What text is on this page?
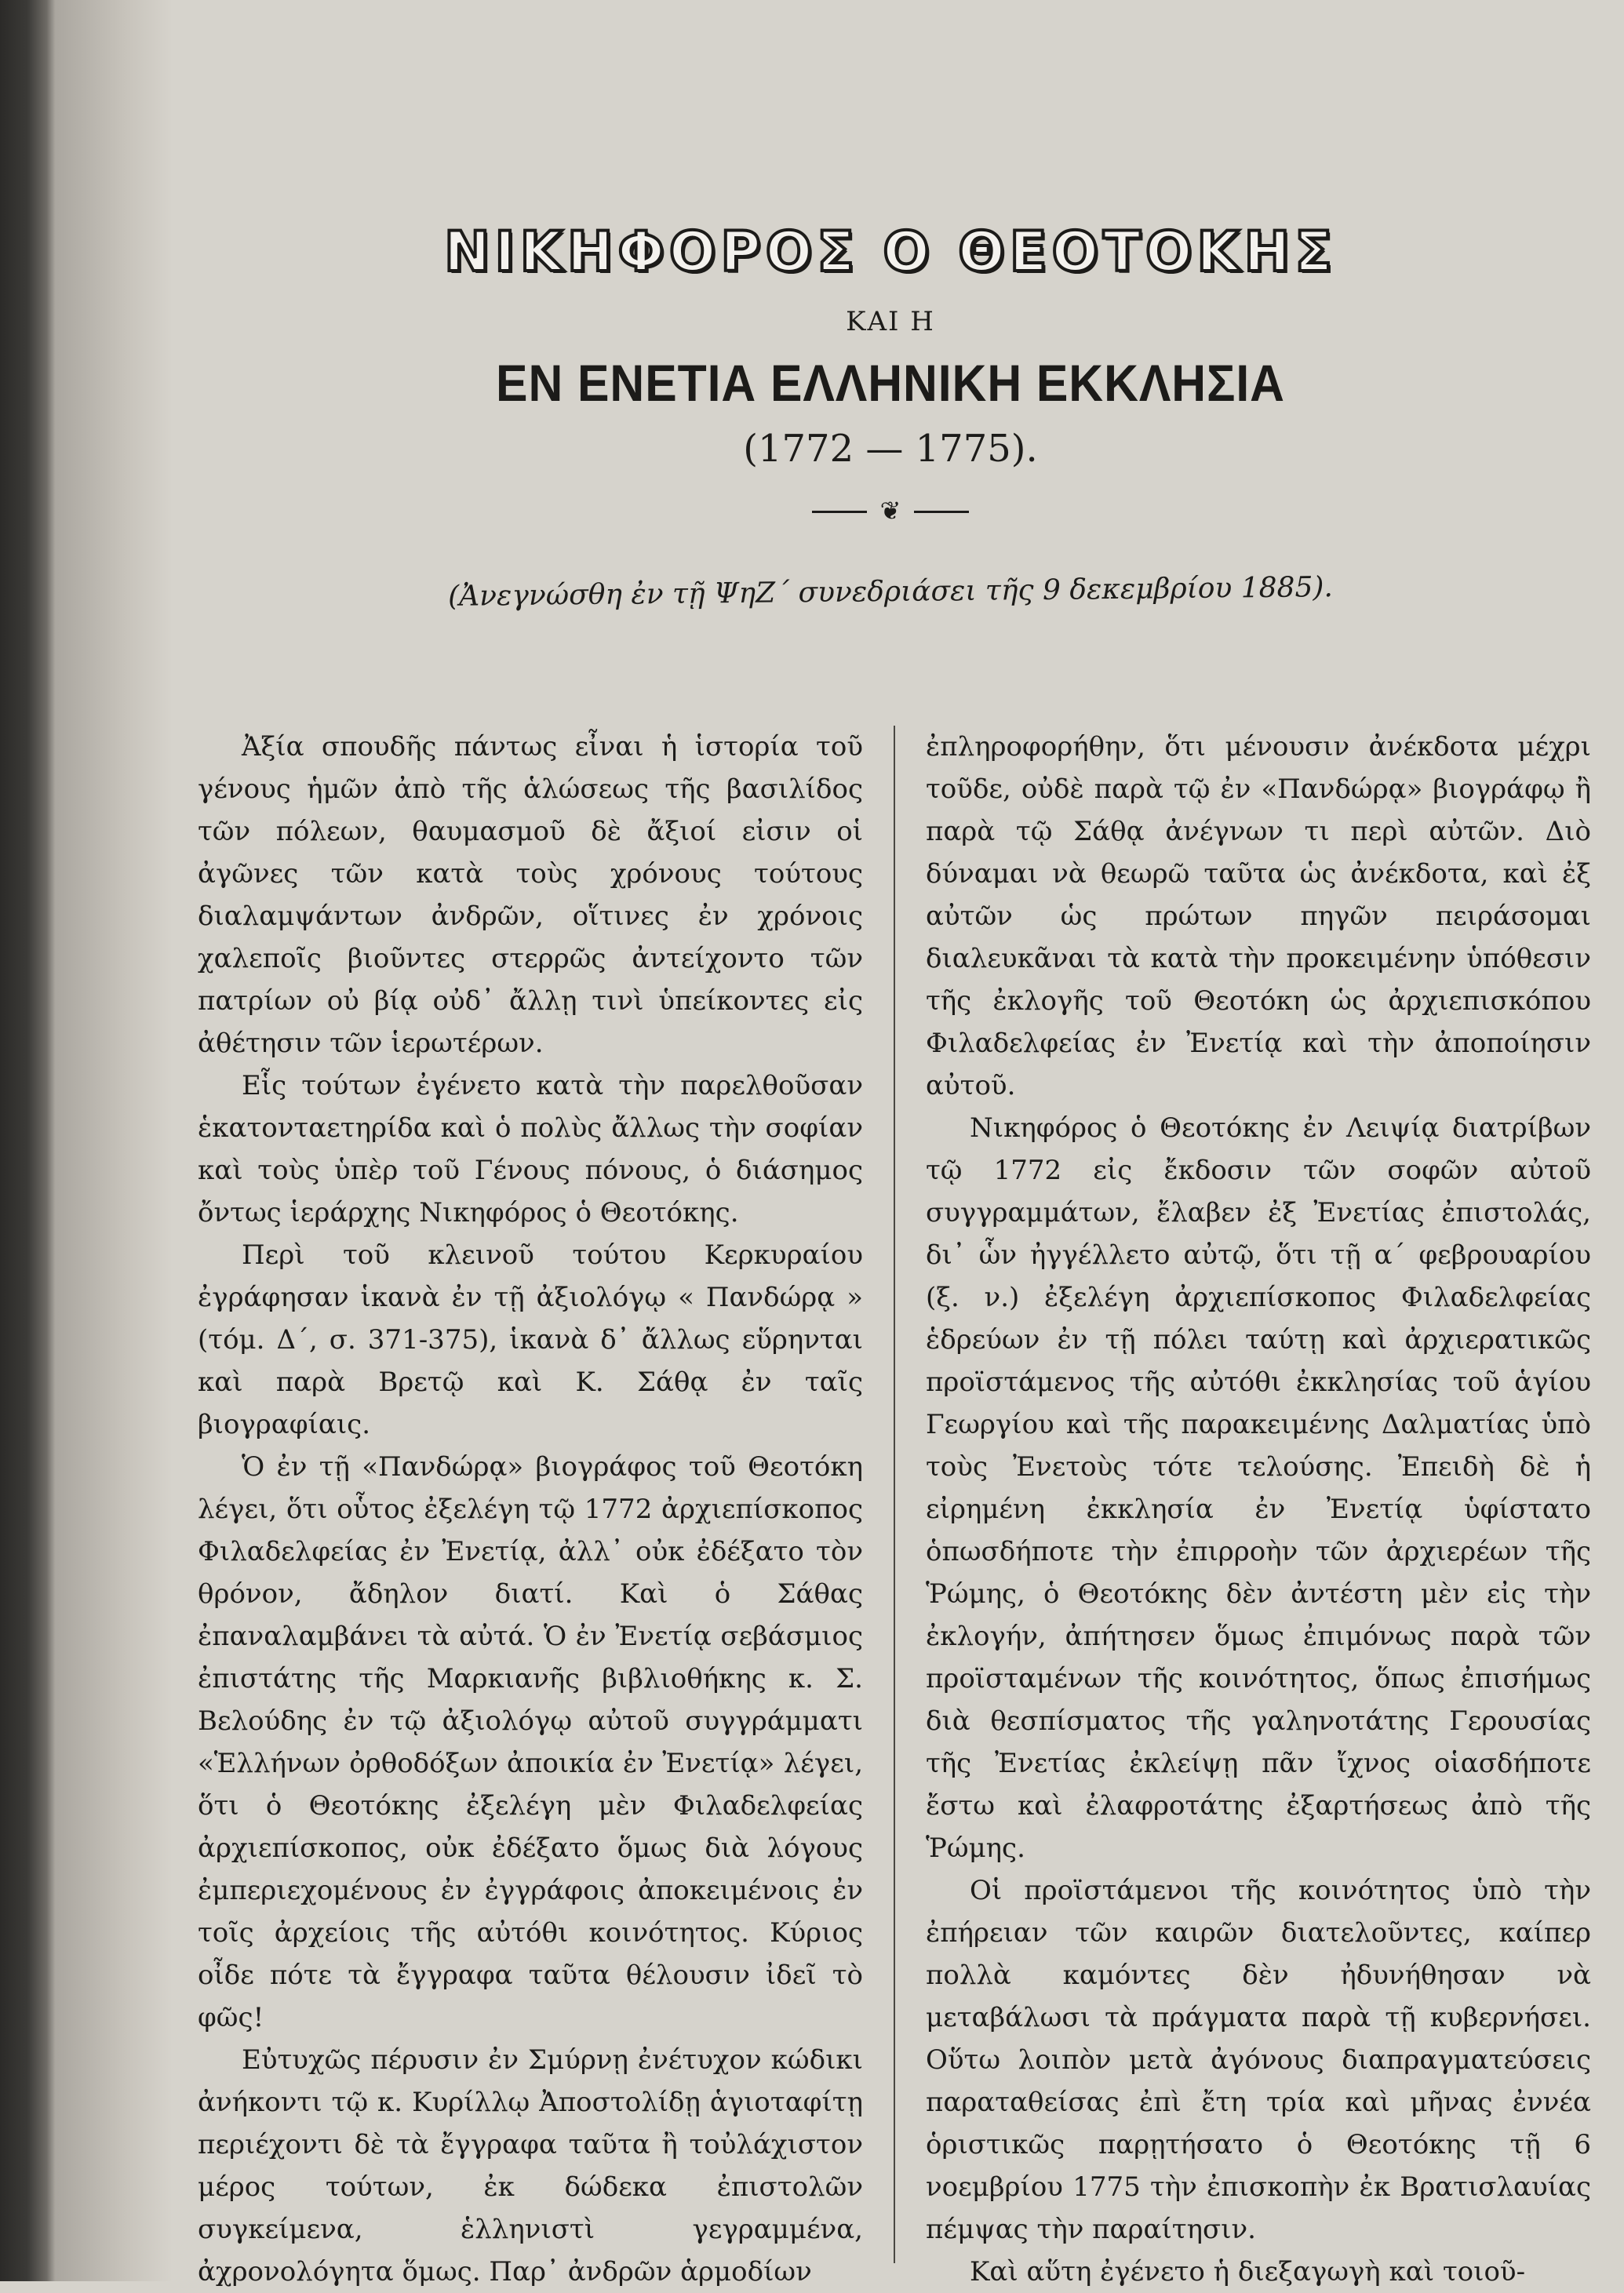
ΝΙΚΗΦΟΡΟΣ Ο ΘΕΟΤΟΚΗΣ
ΚΑΙ Η
ΕΝ ΕΝΕΤΙΑ ΕΛΛΗΝΙΚΗ ΕΚΚΛΗΣΙΑ
(1772 — 1775).
❦
(Ἀνεγνώσθη ἐν τῇ ΨηΖ´ συνεδριάσει τῆς 9 δεκεμβρίου 1885).

Ἀξία σπουδῆς πάντως εἶναι ἡ ἱστορία τοῦ γένους ἡμῶν ἀπὸ τῆς ἁλώσεως τῆς βασιλίδος τῶν πόλεων, θαυμασμοῦ δὲ ἄξιοί εἰσιν οἱ ἀγῶνες τῶν κατὰ τοὺς χρόνους τούτους διαλαμψάντων ἀνδρῶν, οἵτινες ἐν χρόνοις χαλεποῖς βιοῦντες στερρῶς ἀντείχοντο τῶν πατρίων οὐ βίᾳ οὐδ᾽ ἄλλῃ τινὶ ὑπείκοντες εἰς ἀθέτησιν τῶν ἱερωτέρων.

Εἷς τούτων ἐγένετο κατὰ τὴν παρελθοῦσαν ἑκατονταετηρίδα καὶ ὁ πολὺς ἄλλως τὴν σοφίαν καὶ τοὺς ὑπὲρ τοῦ Γένους πόνους, ὁ διάσημος ὄντως ἱεράρχης Νικηφόρος ὁ Θεοτόκης.

Περὶ τοῦ κλεινοῦ τούτου Κερκυραίου ἐγράφησαν ἱκανὰ ἐν τῇ ἀξιολόγῳ « Πανδώρᾳ » (τόμ. Δ´, σ. 371-375), ἱκανὰ δ᾽ ἄλλως εὕρηνται καὶ παρὰ Βρετῷ καὶ Κ. Σάθᾳ ἐν ταῖς βιογραφίαις.

Ὁ ἐν τῇ «Πανδώρᾳ» βιογράφος τοῦ Θεοτόκη λέγει, ὅτι οὗτος ἐξελέγη τῷ 1772 ἀρχιεπίσκοπος Φιλαδελφείας ἐν Ἐνετίᾳ, ἀλλ᾽ οὐκ ἐδέξατο τὸν θρόνον, ἄδηλον διατί. Καὶ ὁ Σάθας ἐπαναλαμβάνει τὰ αὐτά. Ὁ ἐν Ἐνετίᾳ σεβάσμιος ἐπιστάτης τῆς Μαρκιανῆς βιβλιοθήκης κ. Σ. Βελούδης ἐν τῷ ἀξιολόγῳ αὐτοῦ συγγράμματι «Ἑλλήνων ὀρθοδόξων ἀποικία ἐν Ἐνετίᾳ» λέγει, ὅτι ὁ Θεοτόκης ἐξελέγη μὲν Φιλαδελφείας ἀρχιεπίσκοπος, οὐκ ἐδέξατο ὅμως διὰ λόγους ἐμπεριεχομένους ἐν ἐγγράφοις ἀποκειμένοις ἐν τοῖς ἀρχείοις τῆς αὐτόθι κοινότητος. Κύριος οἶδε πότε τὰ ἔγγραφα ταῦτα θέλουσιν ἰδεῖ τὸ φῶς!

Εὐτυχῶς πέρυσιν ἐν Σμύρνῃ ἐνέτυχον κώδικι ἀνήκοντι τῷ κ. Κυρίλλῳ Ἀποστολίδῃ ἁγιοταφίτῃ περιέχοντι δὲ τὰ ἔγγραφα ταῦτα ἢ τοὐλάχιστον μέρος τούτων, ἐκ δώδεκα ἐπιστολῶν συγκείμενα, ἑλληνιστὶ γεγραμμένα, ἀχρονολόγητα ὅμως. Παρ᾽ ἀνδρῶν ἁρμοδίων

ἐπληροφορήθην, ὅτι μένουσιν ἀνέκδοτα μέχρι τοῦδε, οὐδὲ παρὰ τῷ ἐν «Πανδώρᾳ» βιογράφῳ ἢ παρὰ τῷ Σάθᾳ ἀνέγνων τι περὶ αὐτῶν. Διὸ δύναμαι νὰ θεωρῶ ταῦτα ὡς ἀνέκδοτα, καὶ ἐξ αὐτῶν ὡς πρώτων πηγῶν πειράσομαι διαλευκᾶναι τὰ κατὰ τὴν προκειμένην ὑπόθεσιν τῆς ἐκλογῆς τοῦ Θεοτόκη ὡς ἀρχιεπισκόπου Φιλαδελφείας ἐν Ἐνετίᾳ καὶ τὴν ἀποποίησιν αὐτοῦ.

Νικηφόρος ὁ Θεοτόκης ἐν Λειψίᾳ διατρίβων τῷ 1772 εἰς ἔκδοσιν τῶν σοφῶν αὐτοῦ συγγραμμάτων, ἔλαβεν ἐξ Ἐνετίας ἐπιστολάς, δι᾽ ὧν ἠγγέλλετο αὐτῷ, ὅτι τῇ α´ φεβρουαρίου (ξ. ν.) ἐξελέγη ἀρχιεπίσκοπος Φιλαδελφείας ἑδρεύων ἐν τῇ πόλει ταύτῃ καὶ ἀρχιερατικῶς προϊστάμενος τῆς αὐτόθι ἐκκλησίας τοῦ ἁγίου Γεωργίου καὶ τῆς παρακειμένης Δαλματίας ὑπὸ τοὺς Ἐνετοὺς τότε τελούσης. Ἐπειδὴ δὲ ἡ εἰρημένη ἐκκλησία ἐν Ἐνετίᾳ ὑφίστατο ὁπωσδήποτε τὴν ἐπιρροὴν τῶν ἀρχιερέων τῆς Ῥώμης, ὁ Θεοτόκης δὲν ἀντέστη μὲν εἰς τὴν ἐκλογήν, ἀπήτησεν ὅμως ἐπιμόνως παρὰ τῶν προϊσταμένων τῆς κοινότητος, ὅπως ἐπισήμως διὰ θεσπίσματος τῆς γαληνοτάτης Γερουσίας τῆς Ἐνετίας ἐκλείψῃ πᾶν ἴχνος οἱασδήποτε ἔστω καὶ ἐλαφροτάτης ἐξαρτήσεως ἀπὸ τῆς Ῥώμης.

Οἱ προϊστάμενοι τῆς κοινότητος ὑπὸ τὴν ἐπήρειαν τῶν καιρῶν διατελοῦντες, καίπερ πολλὰ καμόντες δὲν ἠδυνήθησαν νὰ μεταβάλωσι τὰ πράγματα παρὰ τῇ κυβερνήσει. Οὕτω λοιπὸν μετὰ ἀγόνους διαπραγματεύσεις παραταθείσας ἐπὶ ἔτη τρία καὶ μῆνας ἐννέα ὁριστικῶς παρῃτήσατο ὁ Θεοτόκης τῇ 6 νοεμβρίου 1775 τὴν ἐπισκοπὴν ἐκ Βρατισλαυίας πέμψας τὴν παραίτησιν.

Καὶ αὕτη ἐγένετο ἡ διεξαγωγὴ καὶ τοιοῦ-
